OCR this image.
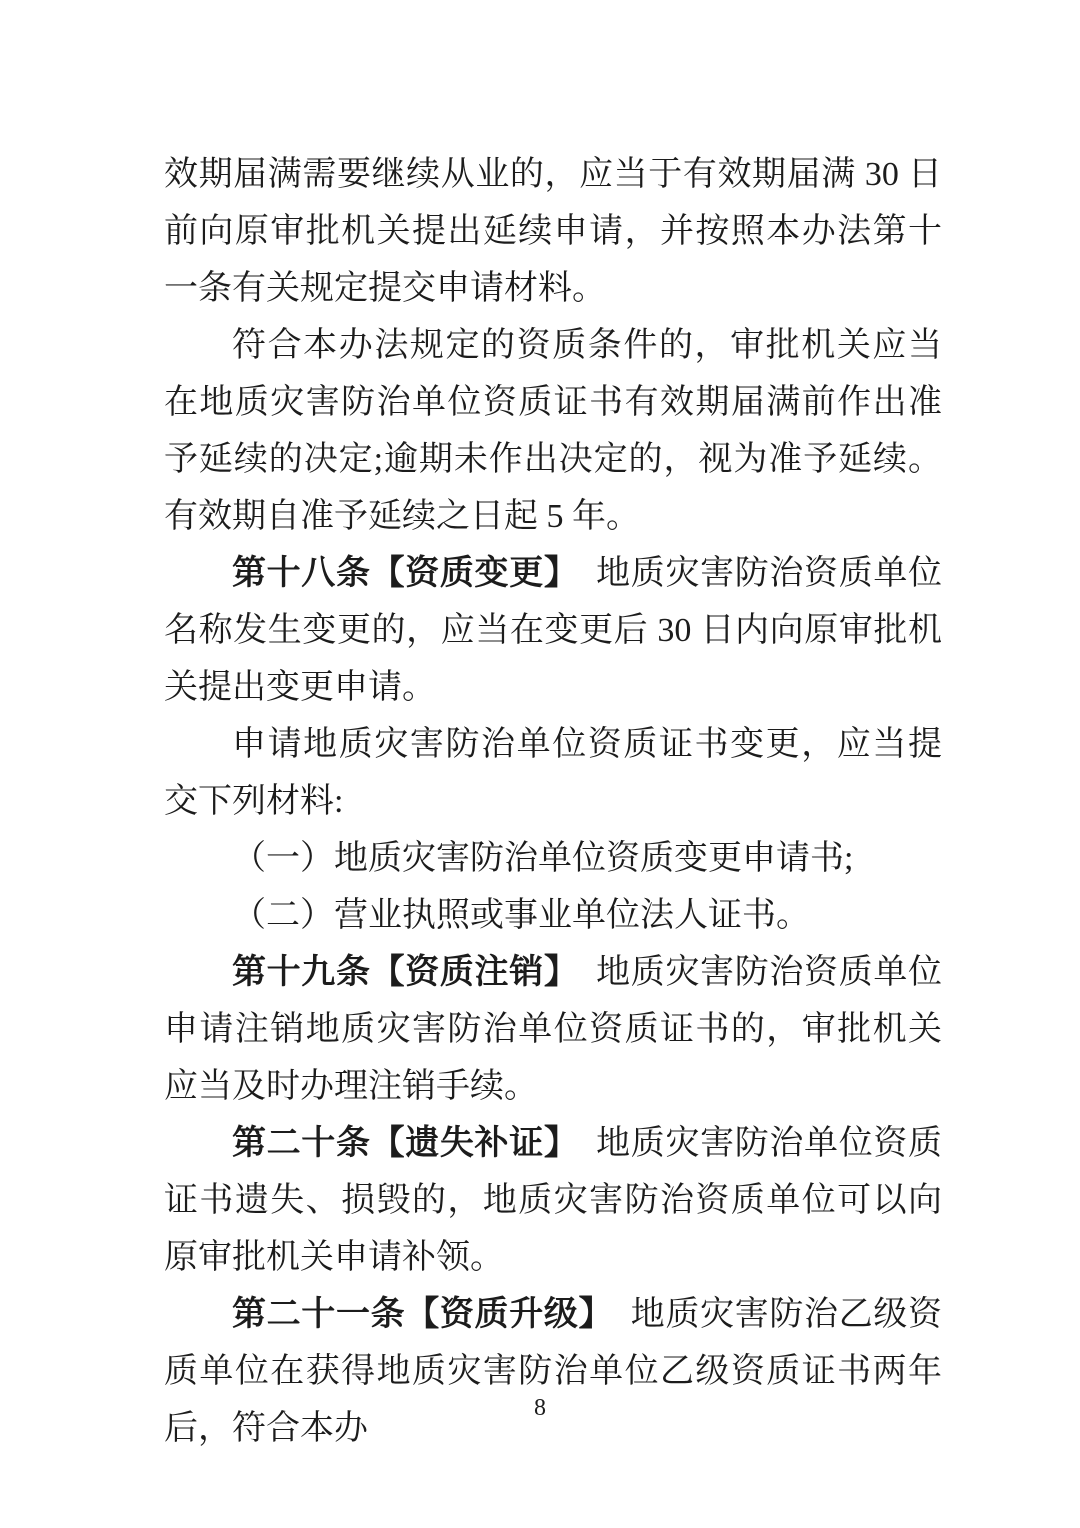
效期届满需要继续从业的，应当于有效期届满 30 日前向原审批机关提出延续申请，并按照本办法第十一条有关规定提交申请材料。

符合本办法规定的资质条件的，审批机关应当在地质灾害防治单位资质证书有效期届满前作出准予延续的决定;逾期未作出决定的，视为准予延续。有效期自准予延续之日起 5 年。

第十八条【资质变更】　地质灾害防治资质单位名称发生变更的，应当在变更后 30 日内向原审批机关提出变更申请。

申请地质灾害防治单位资质证书变更，应当提交下列材料:

（一）地质灾害防治单位资质变更申请书;

（二）营业执照或事业单位法人证书。

第十九条【资质注销】　地质灾害防治资质单位申请注销地质灾害防治单位资质证书的，审批机关应当及时办理注销手续。

第二十条【遗失补证】　地质灾害防治单位资质证书遗失、损毁的，地质灾害防治资质单位可以向原审批机关申请补领。

第二十一条【资质升级】　地质灾害防治乙级资质单位在获得地质灾害防治单位乙级资质证书两年后，符合本办

8
